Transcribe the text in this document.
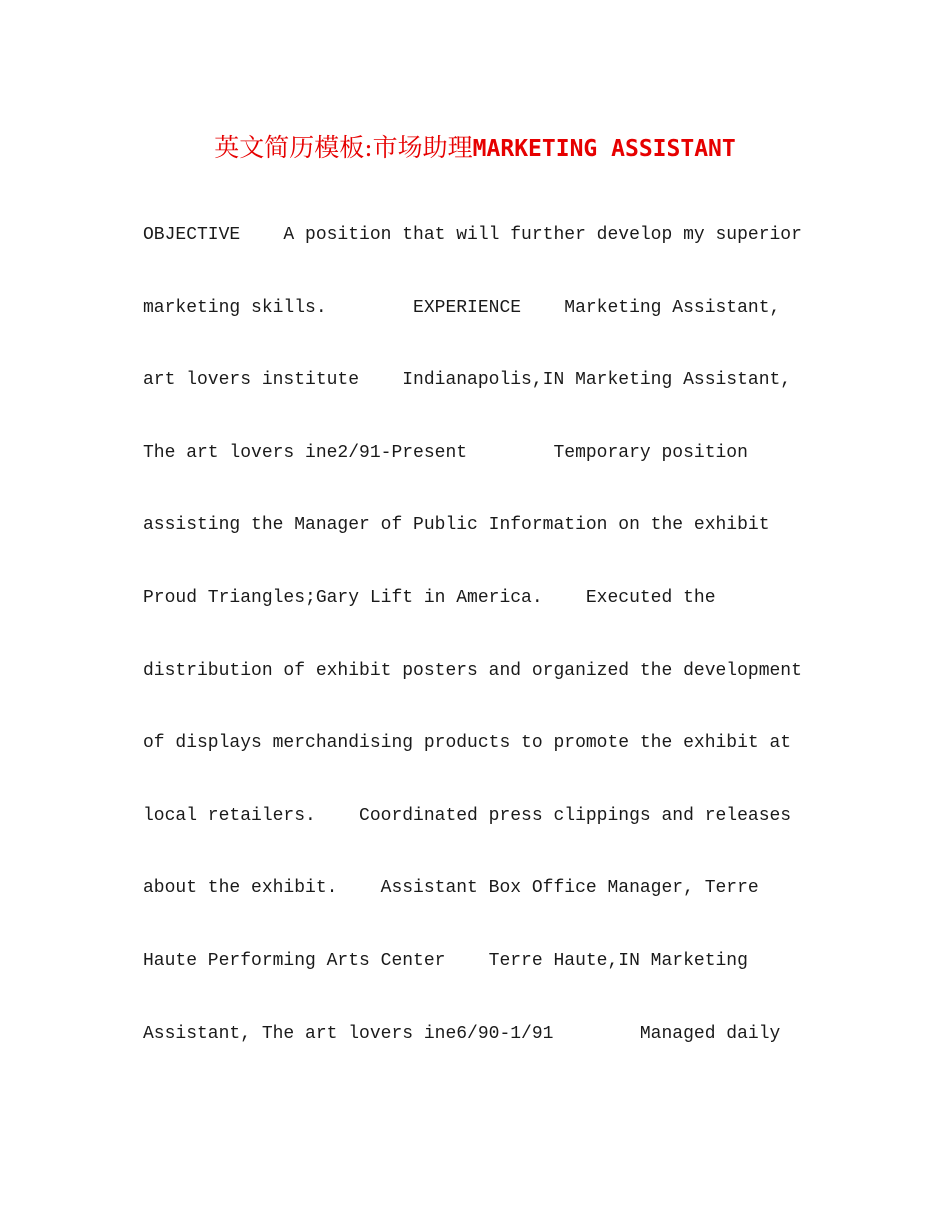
英文简历模板:市场助理MARKETING ASSISTANT
OBJECTIVE    A position that will further develop my superior
marketing skills.        EXPERIENCE    Marketing Assistant,
art lovers institute    Indianapolis,IN Marketing Assistant,
The art lovers ine2/91-Present        Temporary position
assisting the Manager of Public Information on the exhibit
Proud Triangles;Gary Lift in America.    Executed the
distribution of exhibit posters and organized the development
of displays merchandising products to promote the exhibit at
local retailers.    Coordinated press clippings and releases
about the exhibit.    Assistant Box Office Manager, Terre
Haute Performing Arts Center    Terre Haute,IN Marketing
Assistant, The art lovers ine6/90-1/91        Managed daily
